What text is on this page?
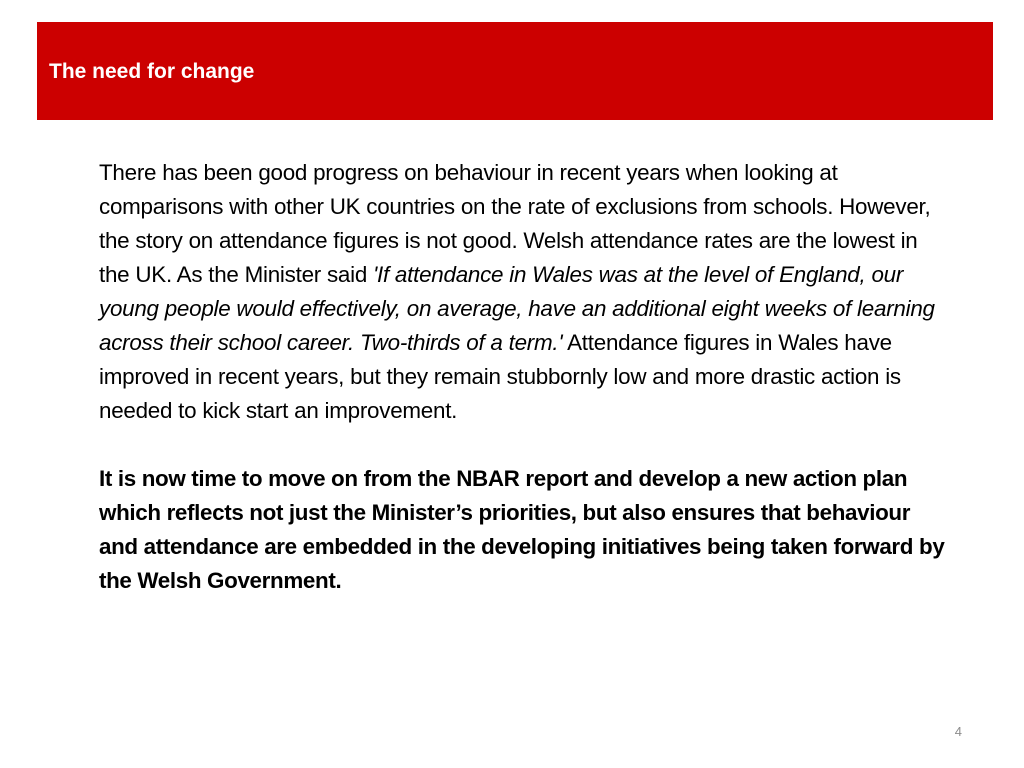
The need for change

There has been good progress on behaviour in recent years when looking at comparisons with other UK countries on the rate of exclusions from schools. However, the story on attendance figures is not good. Welsh attendance rates are the lowest in the UK. As the Minister said 'If attendance in Wales was at the level of England, our young people would effectively, on average, have an additional eight weeks of learning across their school career. Two-thirds of a term.' Attendance figures in Wales have improved in recent years, but they remain stubbornly low and more drastic action is needed to kick start an improvement.

It is now time to move on from the NBAR report and develop a new action plan which reflects not just the Minister’s priorities, but also ensures that behaviour and attendance are embedded in the developing initiatives being taken forward by the Welsh Government.

4
